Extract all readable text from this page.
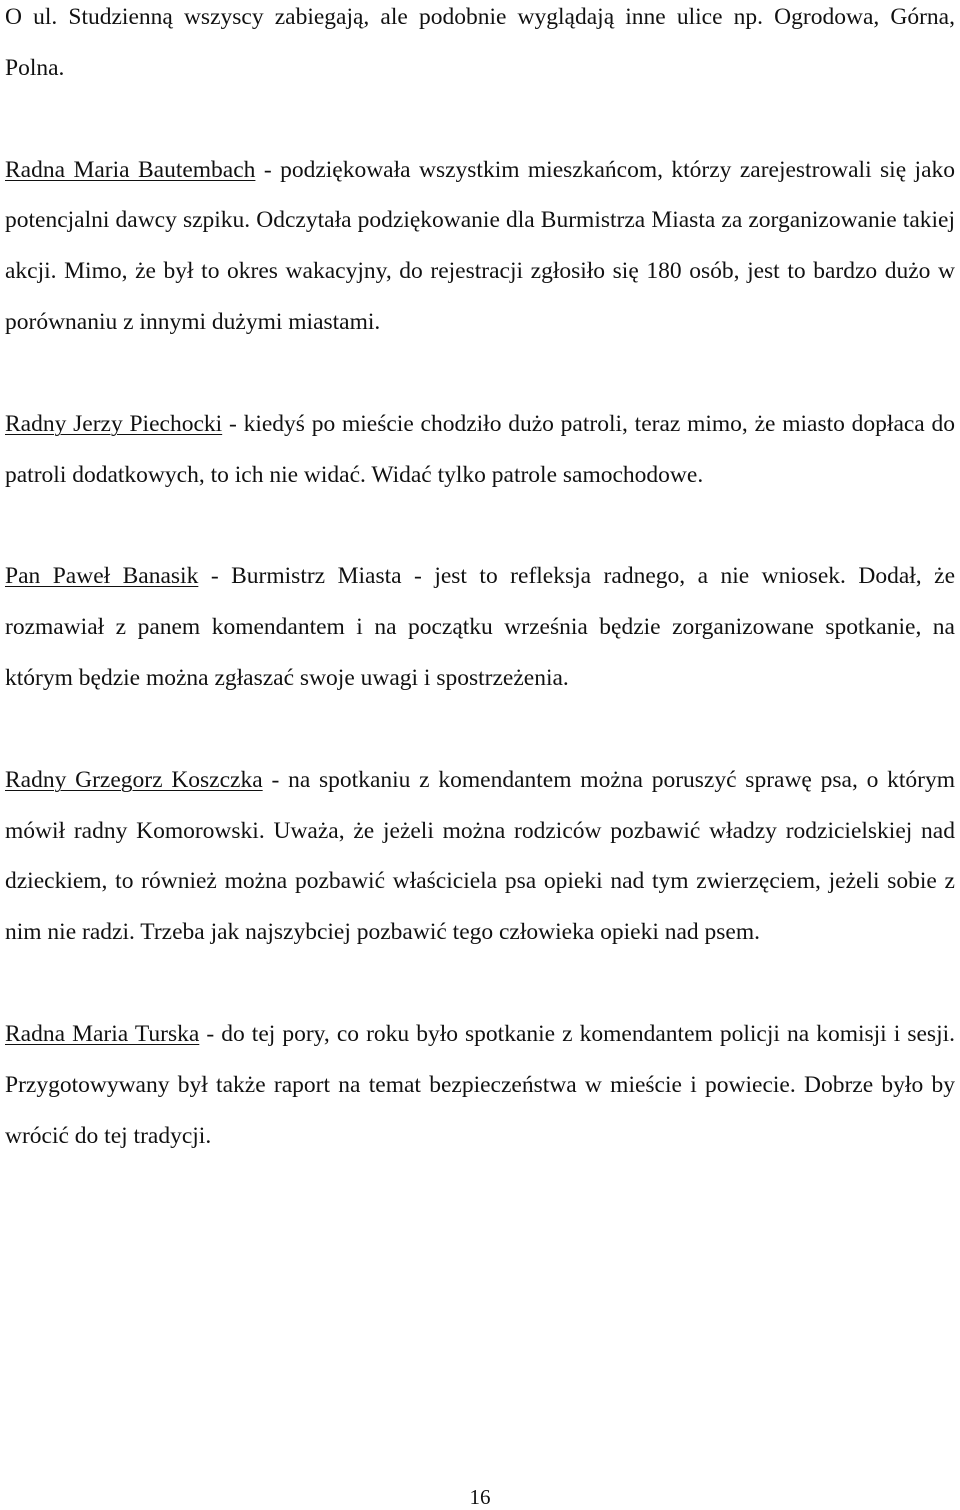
O ul. Studzienną wszyscy zabiegają, ale podobnie wyglądają inne ulice np. Ogrodowa, Górna, Polna.

Radna Maria Bautembach - podziękowała wszystkim mieszkańcom, którzy zarejestrowali się jako potencjalni dawcy szpiku. Odczytała podziękowanie dla Burmistrza Miasta za zorganizowanie takiej akcji. Mimo, że był to okres wakacyjny, do rejestracji zgłosiło się 180 osób, jest to bardzo dużo w porównaniu z innymi dużymi miastami.

Radny Jerzy Piechocki - kiedyś po mieście chodziło dużo patroli, teraz mimo, że miasto dopłaca do patroli dodatkowych, to ich nie widać. Widać tylko patrole samochodowe.

Pan Paweł Banasik - Burmistrz Miasta - jest to refleksja radnego, a nie wniosek. Dodał, że rozmawiał z panem komendantem i na początku września będzie zorganizowane spotkanie, na którym będzie można zgłaszać swoje uwagi i spostrzeżenia.

Radny Grzegorz Koszczka - na spotkaniu z komendantem można poruszyć sprawę psa, o którym mówił radny Komorowski. Uważa, że jeżeli można rodziców pozbawić władzy rodzicielskiej nad dzieckiem, to również można pozbawić właściciela psa opieki nad tym zwierzęciem, jeżeli sobie z nim nie radzi. Trzeba jak najszybciej pozbawić tego człowieka opieki nad psem.

Radna Maria Turska - do tej pory, co roku było spotkanie z komendantem policji na komisji i sesji. Przygotowywany był także raport na temat bezpieczeństwa w mieście i powiecie. Dobrze było by wrócić do tej tradycji.

16
